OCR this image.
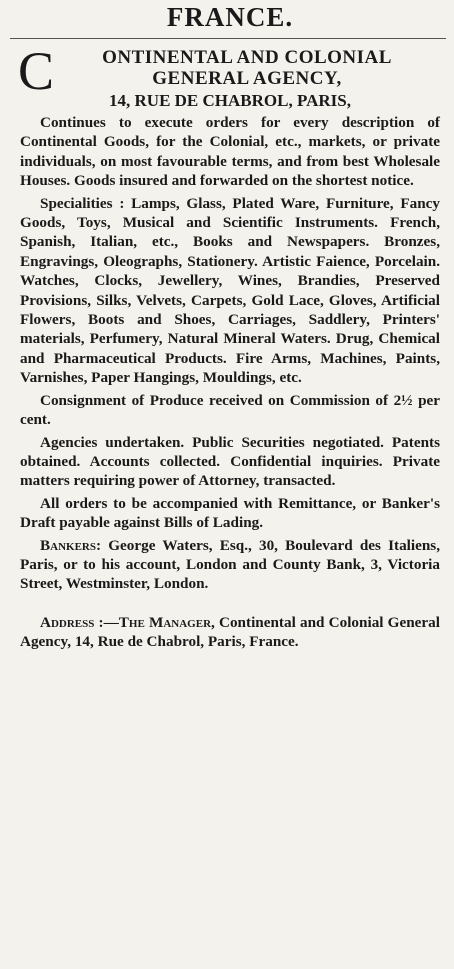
FRANCE.
C	ONTINENTAL AND COLONIAL GENERAL AGENCY,
14, RUE DE CHABROL, PARIS,

Continues to execute orders for every description of Continental Goods, for the Colonial, etc., markets, or private individuals, on most favourable terms, and from best Wholesale Houses. Goods insured and forwarded on the shortest notice.

Specialities : Lamps, Glass, Plated Ware, Furniture, Fancy Goods, Toys, Musical and Scientific Instruments. French, Spanish, Italian, etc., Books and Newspapers. Bronzes, Engravings, Oleographs, Stationery. Artistic Faience, Porcelain. Watches, Clocks, Jewellery, Wines, Brandies, Preserved Provisions, Silks, Velvets, Carpets, Gold Lace, Gloves, Artificial Flowers, Boots and Shoes, Carriages, Saddlery, Printers' materials, Perfumery, Natural Mineral Waters. Drug, Chemical and Pharmaceutical Products. Fire Arms, Machines, Paints, Varnishes, Paper Hangings, Mouldings, etc.

Consignment of Produce received on Commission of 2½ per cent.

Agencies undertaken. Public Securities negotiated. Patents obtained. Accounts collected. Confidential inquiries. Private matters requiring power of Attorney, transacted.

All orders to be accompanied with Remittance, or Banker's Draft payable against Bills of Lading.

Bankers: George Waters, Esq., 30, Boulevard des Italiens, Paris, or to his account, London and County Bank, 3, Victoria Street, Westminster, London.

Address :—The Manager, Continental and Colonial General Agency, 14, Rue de Chabrol, Paris, France.
